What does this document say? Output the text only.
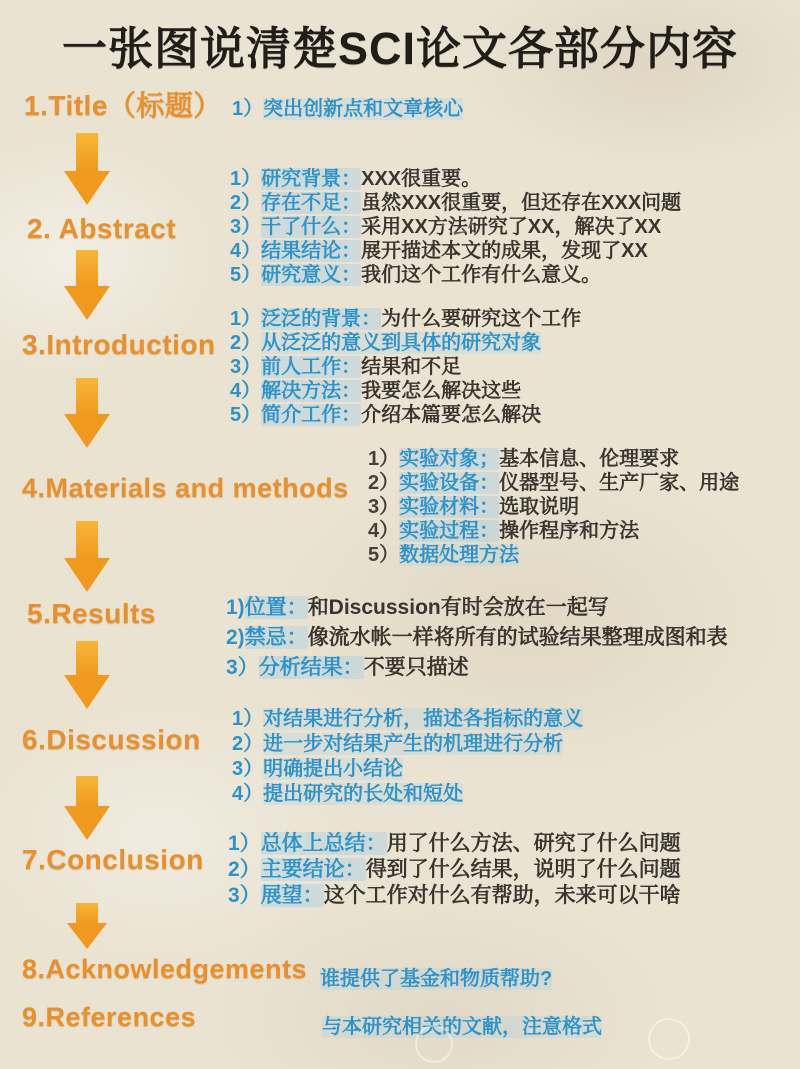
一张图说清楚SCI论文各部分内容
1.Title（标题）
2. Abstract
3.Introduction
4.Materials and methods
5.Results
6.Discussion
7.Conclusion
8.Acknowledgements
9.References
1）突出创新点和文章核心
1）研究背景：XXX很重要。
2）存在不足：虽然XXX很重要，但还存在XXX问题
3）干了什么：采用XX方法研究了XX，解决了XX
4）结果结论：展开描述本文的成果，发现了XX
5）研究意义：我们这个工作有什么意义。
1）泛泛的背景：为什么要研究这个工作
2）从泛泛的意义到具体的研究对象
3）前人工作：结果和不足
4）解决方法：我要怎么解决这些
5）简介工作：介绍本篇要怎么解决
1）实验对象；基本信息、伦理要求
2）实验设备：仪器型号、生产厂家、用途
3）实验材料：选取说明
4）实验过程：操作程序和方法
5）数据处理方法
1)位置：和Discussion有时会放在一起写
2)禁忌：像流水帐一样将所有的试验结果整理成图和表
3）分析结果：不要只描述
1）对结果进行分析，描述各指标的意义
2）进一步对结果产生的机理进行分析
3）明确提出小结论
4）提出研究的长处和短处
1）总体上总结：用了什么方法、研究了什么问题
2）主要结论：得到了什么结果，说明了什么问题
3）展望：这个工作对什么有帮助，未来可以干啥
谁提供了基金和物质帮助?
与本研究相关的文献，注意格式
